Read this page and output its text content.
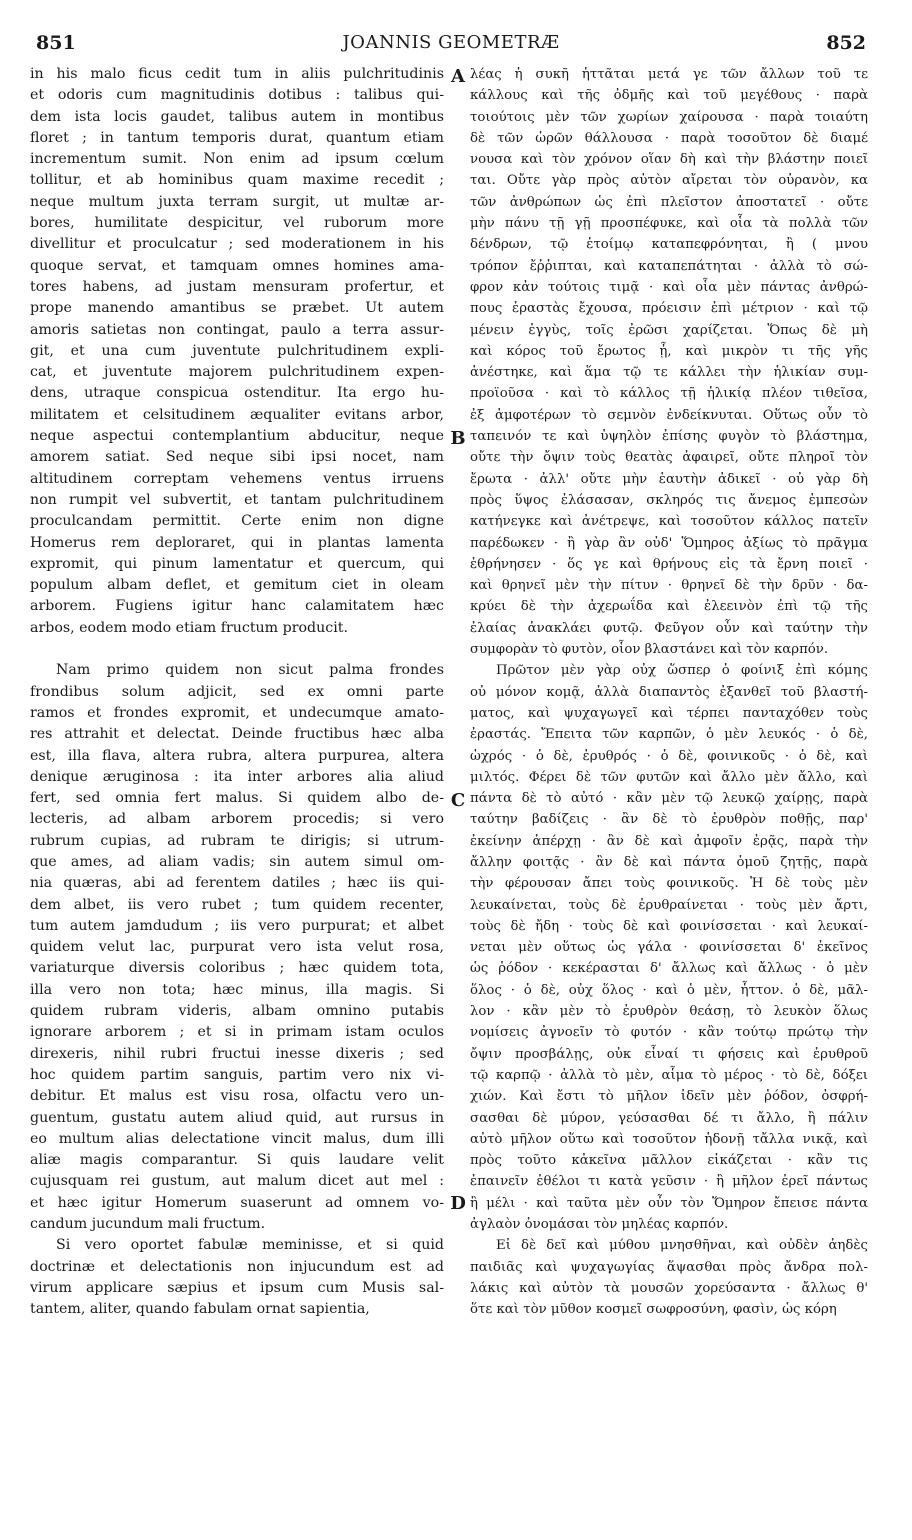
851	JOANNIS GEOMETRÆ	852
in his malo ficus cedit tum in aliis pulchritudinis
et odoris cum magnitudinis dotibus : talibus qui-
dem ista locis gaudet, talibus autem in montibus
floret ; in tantum temporis durat, quantum etiam
incrementum sumit. Non enim ad ipsum cœlum
tollitur, et ab hominibus quam maxime recedit ;
neque multum juxta terram surgit, ut multæ ar-
bores, humilitate despicitur, vel ruborum more
divellitur et proculcatur ; sed moderationem in his
quoque servat, et tamquam omnes homines ama-
tores habens, ad justam mensuram profertur, et
prope manendo amantibus se præbet. Ut autem
amoris satietas non contingat, paulo a terra assur-
git, et una cum juventute pulchritudinem expli-
cat, et juventute majorem pulchritudinem expen-
dens, utraque conspicua ostenditur. Ita ergo hu-
militatem et celsitudinem æqualiter evitans arbor,
neque aspectui contemplantium abducitur, neque
amorem satiat. Sed neque sibi ipsi nocet, nam
altitudinem correptam vehemens ventus irruens
non rumpit vel subvertit, et tantam pulchritudinem
proculcandam permittit. Certe enim non digne
Homerus rem deploraret, qui in plantas lamenta
expromit, qui pinum lamentatur et quercum, qui
populum albam deflet, et gemitum ciet in oleam
arborem. Fugiens igitur hanc calamitatem hæc
arbos, eodem modo etiam fructum producit.
Nam primo quidem non sicut palma frondes
frondibus solum adjicit, sed ex omni parte
ramos et frondes expromit, et undecumque amato-
res attrahit et delectat. Deinde fructibus hæc alba
est, illa flava, altera rubra, altera purpurea, altera
denique æruginosa : ita inter arbores alia aliud
fert, sed omnia fert malus. Si quidem albo de-
lecteris, ad albam arborem procedis; si vero
rubrum cupias, ad rubram te dirigis; si utrum-
que ames, ad aliam vadis; sin autem simul om-
nia quæras, abi ad ferentem datiles ; hæc iis qui-
dem albet, iis vero rubet ; tum quidem recenter,
tum autem jamdudum ; iis vero purpurat; et albet
quidem velut lac, purpurat vero ista velut rosa,
variaturque diversis coloribus ; hæc quidem tota,
illa vero non tota; hæc minus, illa magis. Si
quidem rubram videris, albam omnino putabis
ignorare arborem ; et si in primam istam oculos
direxeris, nihil rubri fructui inesse dixeris ; sed
hoc quidem partim sanguis, partim vero nix vi-
debitur. Et malus est visu rosa, olfactu vero un-
guentum, gustatu autem aliud quid, aut rursus in
eo multum alias delectatione vincit malus, dum illi
aliæ magis comparantur. Si quis laudare velit
cujusquam rei gustum, aut malum dicet aut mel :
et hæc igitur Homerum suaserunt ad omnem vo-
candum jucundum mali fructum.
Si vero oportet fabulæ meminisse, et si quid
doctrinæ et delectationis non injucundum est ad
virum applicare sæpius et ipsum cum Musis sal-
tantem, aliter, quando fabulam ornat sapientia,
λέας ἡ συκῆ ἡττᾶται μετά γε τῶν ἄλλων τοῦ τε
κάλλους καὶ τῆς ὀδμῆς καὶ τοῦ μεγέθους · παρὰ
τοιούτοις μὲν τῶν χωρίων χαίρουσα · παρὰ τοιαύτη
δὲ τῶν ὡρῶν θάλλουσα · παρὰ τοσοῦτον δὲ διαμέ
νουσα καὶ τὸν χρόνον οἵαν δὴ καὶ τὴν βλάστην ποιεῖ
ται. Οὔτε γὰρ πρὸς αὐτὸν αἴρεται τὸν οὐρανὸν, κα
τῶν ἀνθρώπων ὡς ἐπὶ πλεῖστον ἀποστατεῖ · οὔτε
μὴν πάνυ τῇ γῇ προσπέφυκε, καὶ οἷα τὰ πολλὰ τῶν
δένδρων, τῷ ἑτοίμῳ καταπεφρόνηται, ἢ ( μνου
τρόπον ἔῤῥιπται, καὶ καταπεπάτηται · ἀλλὰ τὸ σώ-
φρον κἀν τούτοις τιμᾷ · καὶ οἷα μὲν πάντας ἀνθρώ-
πους ἐραστὰς ἔχουσα, πρόεισιν ἐπὶ μέτριον · καὶ τῷ
μένειν ἐγγὺς, τοῖς ἐρῶσι χαρίζεται. Ὅπως δὲ μὴ
καὶ κόρος τοῦ ἔρωτος ᾖ, καὶ μικρὸν τι τῆς γῆς
ἀνέστηκε, καὶ ἅμα τῷ τε κάλλει τὴν ἡλικίαν συμ-
προϊοῦσα · καὶ τὸ κάλλος τῇ ἡλικίᾳ πλέον τιθεῖσα,
ἐξ ἀμφοτέρων τὸ σεμνὸν ἐνδείκνυται. Οὕτως οὖν τὸ
ταπεινόν τε καὶ ὑψηλὸν ἐπίσης φυγὸν τὸ βλάστημα,
οὔτε τὴν ὄψιν τοὺς θεατὰς ἀφαιρεῖ, οὔτε πληροῖ τὸν
ἔρωτα · ἀλλ' οὔτε μὴν ἑαυτὴν ἀδικεῖ · οὐ γὰρ δὴ
πρὸς ὕψος ἐλάσασαν, σκληρός τις ἄνεμος ἐμπεσὼν
κατήνεγκε καὶ ἀνέτρεψε, καὶ τοσοῦτον κάλλος πατεῖν
παρέδωκεν · ἢ γὰρ ἂν οὐδ' Ὅμηρος ἀξίως τὸ πρᾶγμα
ἐθρήνησεν · ὅς γε καὶ θρήνους εἰς τὰ ἔρνη ποιεῖ ·
καὶ θρηνεῖ μὲν τὴν πίτυν · θρηνεῖ δὲ τὴν δρῦν · δα-
κρύει δὲ τὴν ἀχερωΐδα καὶ ἐλεεινὸν ἐπὶ τῷ τῆς
ἐλαίας ἀνακλάει φυτῷ. Φεῦγον οὖν καὶ ταύτην τὴν
συμφορὰν τὸ φυτὸν, οἷον βλαστάνει καὶ τὸν καρπόν.
Πρῶτον μὲν γὰρ οὐχ ὥσπερ ὁ φοίνιξ ἐπὶ κόμης
οὐ μόνον κομᾷ, ἀλλὰ διαπαντὸς ἐξανθεῖ τοῦ βλαστή-
ματος, καὶ ψυχαγωγεῖ καὶ τέρπει πανταχόθεν τοὺς
ἐραστάς. Ἔπειτα τῶν καρπῶν, ὁ μὲν λευκός · ὁ δὲ,
ὠχρός · ὁ δὲ, ἐρυθρός · ὁ δὲ, φοινικοῦς · ὁ δὲ, καὶ
μιλτός. Φέρει δὲ τῶν φυτῶν καὶ ἄλλο μὲν ἄλλο, καὶ
πάντα δὲ τὸ αὐτό · κἂν μὲν τῷ λευκῷ χαίρῃς, παρὰ
ταύτην βαδίζεις · ἂν δὲ τὸ ἐρυθρὸν ποθῇς, παρ'
ἐκείνην ἀπέρχῃ · ἂν δὲ καὶ ἀμφοῖν ἐρᾷς, παρὰ τὴν
ἄλλην φοιτᾷς · ἂν δὲ καὶ πάντα ὁμοῦ ζητῇς, παρὰ
τὴν φέρουσαν ἄπει τοὺς φοινικοῦς. Ἡ δὲ τοὺς μὲν
λευκαίνεται, τοὺς δὲ ἐρυθραίνεται · τοὺς μὲν ἄρτι,
τοὺς δὲ ἤδη · τοὺς δὲ καὶ φοινίσσεται · καὶ λευκαί-
νεται μὲν οὕτως ὡς γάλα · φοινίσσεται δ' ἐκεῖνος
ὡς ῥόδον · κεκέρασται δ' ἄλλως καὶ ἄλλως · ὁ μὲν
ὅλος · ὁ δὲ, οὐχ ὅλος · καὶ ὁ μὲν, ἧττον. ὁ δὲ, μᾶλ-
λον · κἂν μὲν τὸ ἐρυθρὸν θεάσῃ, τὸ λευκὸν ὅλως
νομίσεις ἀγνοεῖν τὸ φυτόν · κἂν τούτῳ πρώτῳ τὴν
ὄψιν προσβάλῃς, οὐκ εἶναί τι φήσεις καὶ ἐρυθροῦ
τῷ καρπῷ · ἀλλὰ τὸ μὲν, αἷμα τὸ μέρος · τὸ δὲ, δόξει
χιών. Καὶ ἔστι τὸ μῆλον ἰδεῖν μὲν ῥόδον, ὀσφρή-
σασθαι δὲ μύρον, γεύσασθαι δέ τι ἄλλο, ἢ πάλιν
αὐτὸ μῆλον οὕτω καὶ τοσοῦτον ἡδονῇ τἄλλα νικᾷ, καὶ
πρὸς τοῦτο κἀκεῖνα μᾶλλον εἰκάζεται · κἂν τις
ἐπαινεῖν ἐθέλοι τι κατὰ γεῦσιν · ἢ μῆλον ἐρεῖ πάντως
ἢ μέλι · καὶ ταῦτα μὲν οὖν τὸν Ὅμηρον ἔπεισε πάντα
ἀγλαὸν ὀνομάσαι τὸν μηλέας καρπόν.
Εἰ δὲ δεῖ καὶ μύθου μνησθῆναι, καὶ οὐδὲν ἀηδὲς
παιδιᾶς καὶ ψυχαγωγίας ἅψασθαι πρὸς ἄνδρα πολ-
λάκις καὶ αὐτὸν τὰ μουσῶν χορεύσαντα · ἄλλως θ'
ὅτε καὶ τὸν μῦθον κοσμεῖ σωφροσύνη, φασὶν, ὡς κόρη
A
B
C
D
